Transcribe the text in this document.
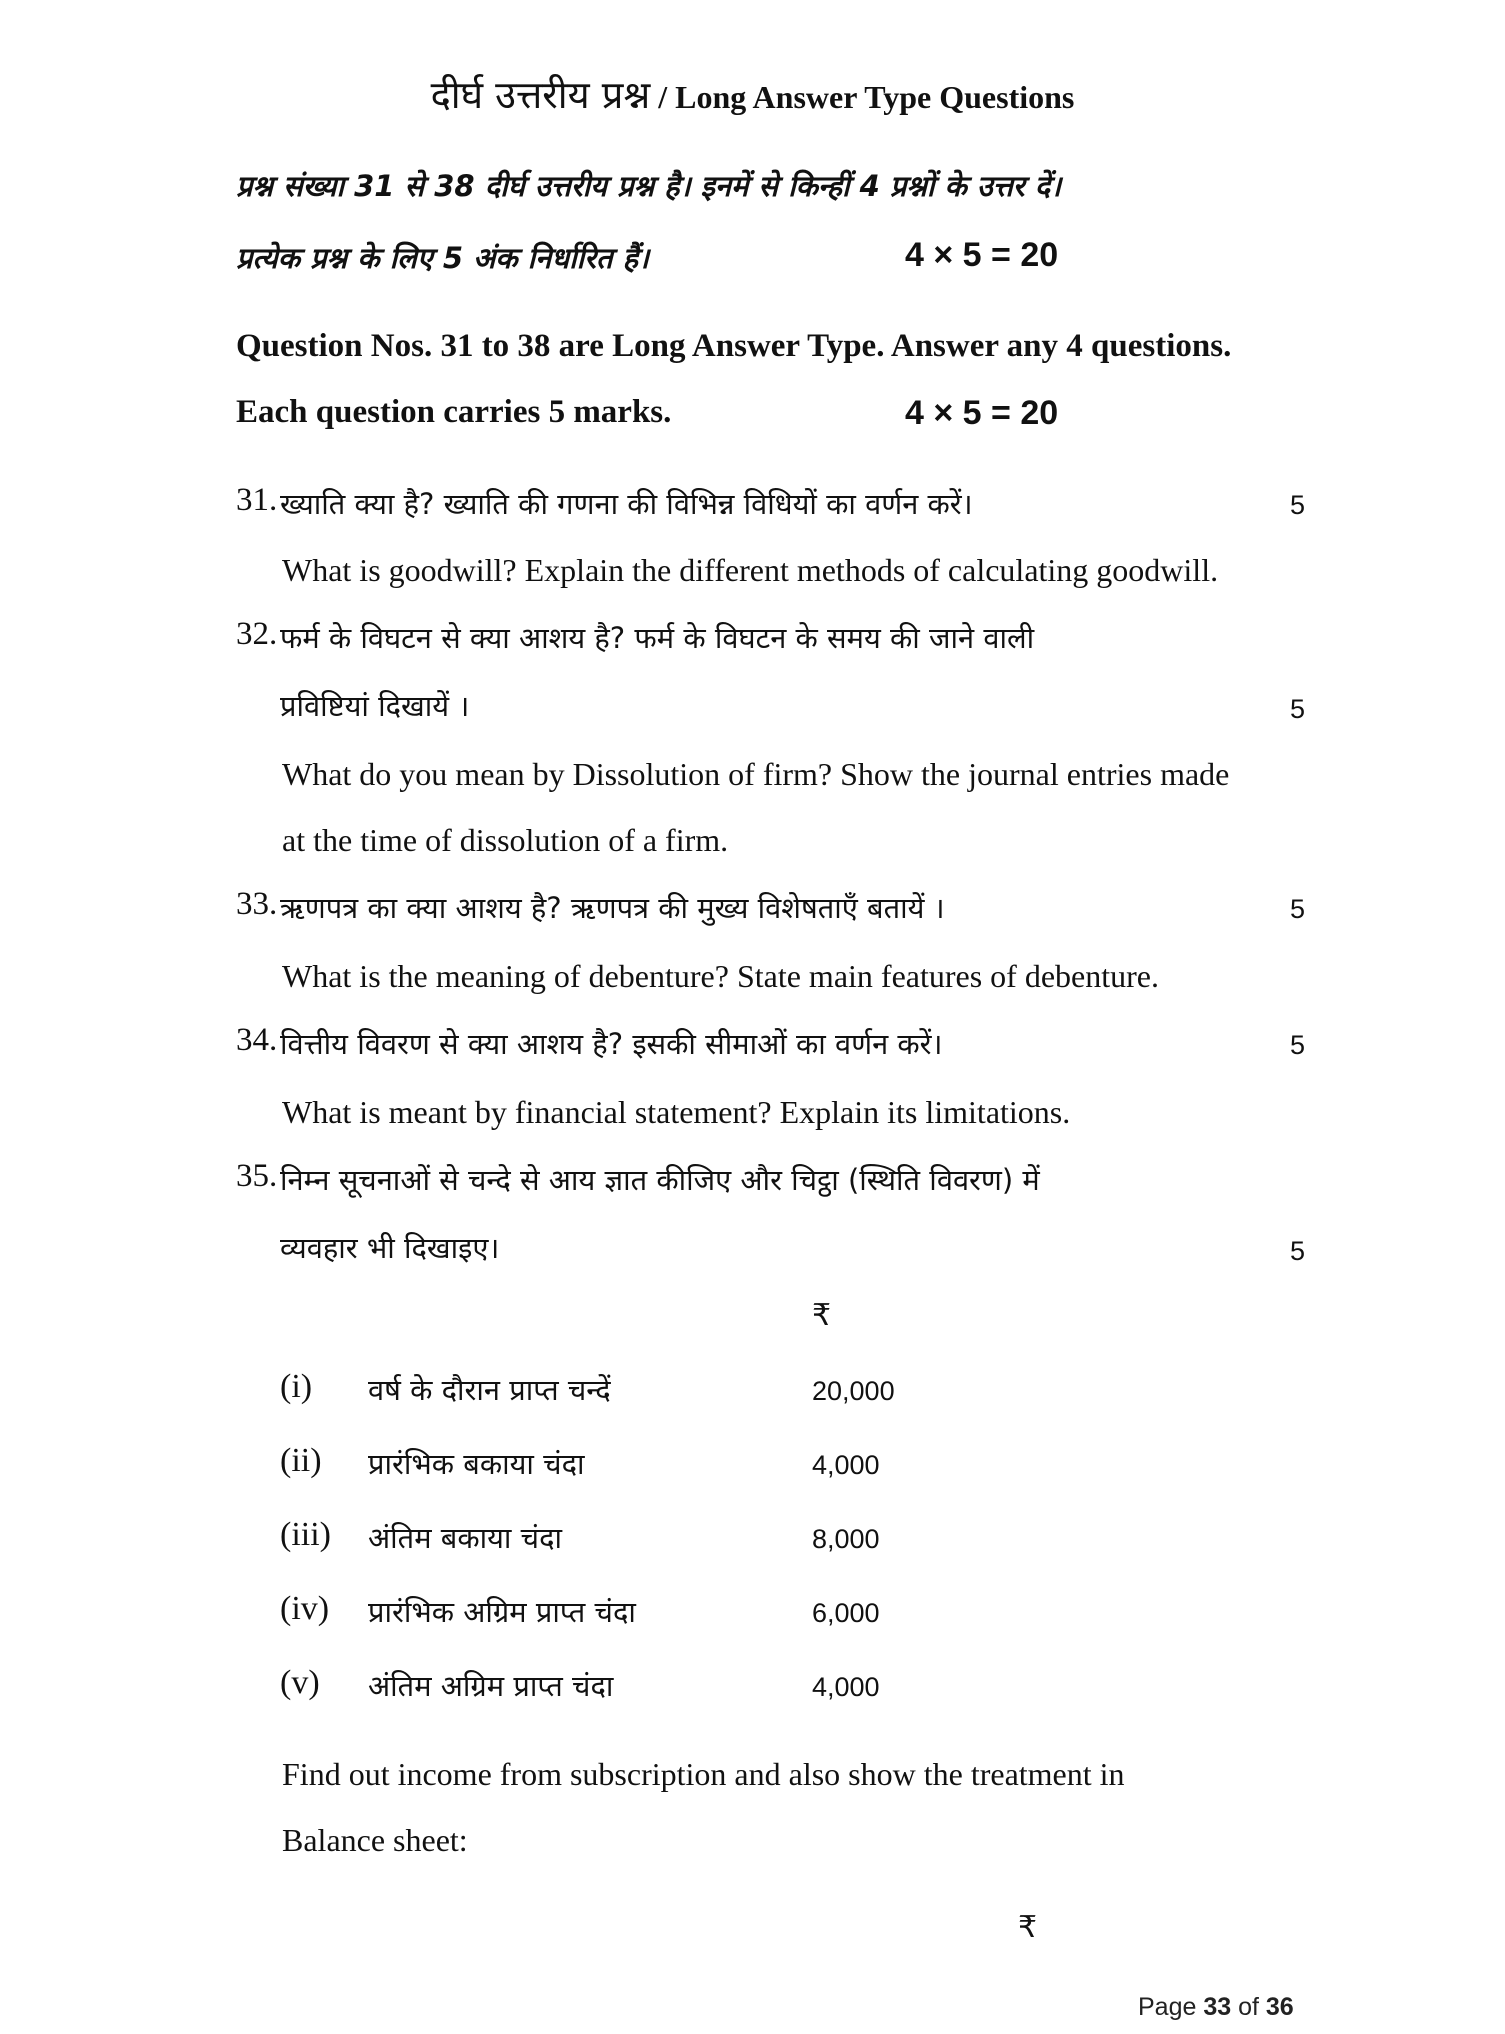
दीर्घ उत्तरीय प्रश्न / Long Answer Type Questions
प्रश्न संख्या 31 से 38 दीर्घ उत्तरीय प्रश्न है। इनमें से किन्हीं 4 प्रश्नों के उत्तर दें।
प्रत्येक प्रश्न के लिए 5 अंक निर्धारित हैं।	4 × 5 = 20
Question Nos. 31 to 38 are Long Answer Type. Answer any 4 questions.
Each question carries 5 marks.	4 × 5 = 20
31. ख्याति क्या है? ख्याति की गणना की विभिन्न विधियों का वर्णन करें।	5
What is goodwill? Explain the different methods of calculating goodwill.
32. फर्म के विघटन से क्या आशय है? फर्म के विघटन के समय की जाने वाली
प्रविष्टियां दिखायें ।	5
What do you mean by Dissolution of firm? Show the journal entries made
at the time of dissolution of a firm.
33. ऋणपत्र का क्या आशय है? ऋणपत्र की मुख्य विशेषताएँ बतायें ।	5
What is the meaning of debenture? State main features of debenture.
34. वित्तीय विवरण से क्या आशय है? इसकी सीमाओं का वर्णन करें।	5
What is meant by financial statement? Explain its limitations.
35. निम्न सूचनाओं से चन्दे से आय ज्ञात कीजिए और चिट्ठा (स्थिति विवरण) में
व्यवहार भी दिखाइए।	5
₹
(i) वर्ष के दौरान प्राप्त चन्दें	20,000
(ii) प्रारंभिक बकाया चंदा	4,000
(iii) अंतिम बकाया चंदा	8,000
(iv) प्रारंभिक अग्रिम प्राप्त चंदा	6,000
(v) अंतिम अग्रिम प्राप्त चंदा	4,000
Find out income from subscription and also show the treatment in
Balance sheet:
₹
Page 33 of 36
